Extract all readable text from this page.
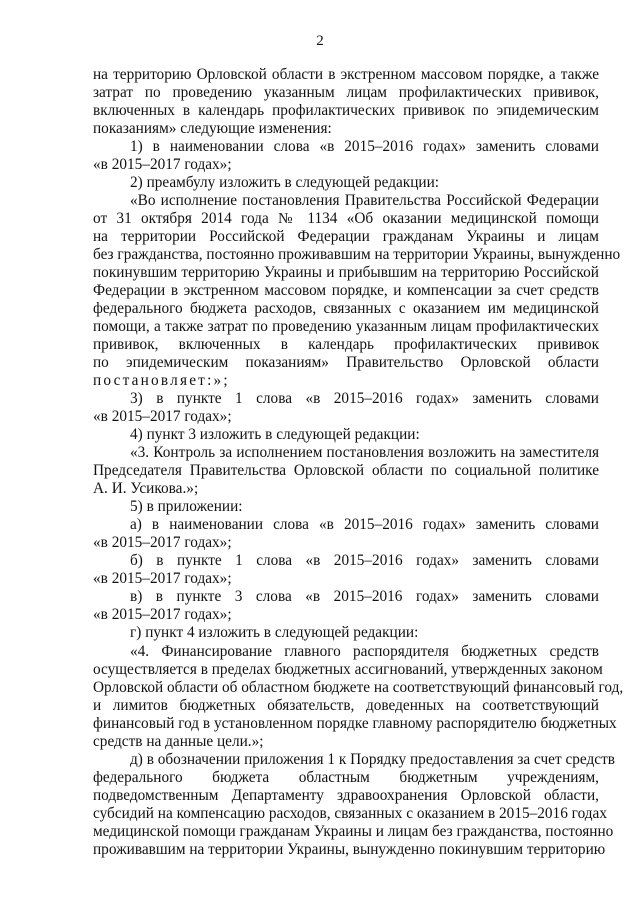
2
на территорию Орловской области в экстренном массовом порядке, а также
затрат по проведению указанным лицам профилактических прививок,
включенных в календарь профилактических прививок по эпидемическим
показаниям» следующие изменения:
1) в наименовании слова «в 2015–2016 годах» заменить словами
«в 2015–2017 годах»;
2) преамбулу изложить в следующей редакции:
«Во исполнение постановления Правительства Российской Федерации
от 31 октября 2014 года № 1134 «Об оказании медицинской помощи
на территории Российской Федерации гражданам Украины и лицам
без гражданства, постоянно проживавшим на территории Украины, вынужденно
покинувшим территорию Украины и прибывшим на территорию Российской
Федерации в экстренном массовом порядке, и компенсации за счет средств
федерального бюджета расходов, связанных с оказанием им медицинской
помощи, а также затрат по проведению указанным лицам профилактических
прививок, включенных в календарь профилактических прививок
по эпидемическим показаниям» Правительство Орловской области
постановляет:»;
3) в пункте 1 слова «в 2015–2016 годах» заменить словами
«в 2015–2017 годах»;
4) пункт 3 изложить в следующей редакции:
«3. Контроль за исполнением постановления возложить на заместителя
Председателя Правительства Орловской области по социальной политике
А. И. Усикова.»;
5) в приложении:
а) в наименовании слова «в 2015–2016 годах» заменить словами
«в 2015–2017 годах»;
б) в пункте 1 слова «в 2015–2016 годах» заменить словами
«в 2015–2017 годах»;
в) в пункте 3 слова «в 2015–2016 годах» заменить словами
«в 2015–2017 годах»;
г) пункт 4 изложить в следующей редакции:
«4. Финансирование главного распорядителя бюджетных средств
осуществляется в пределах бюджетных ассигнований, утвержденных законом
Орловской области об областном бюджете на соответствующий финансовый год,
и лимитов бюджетных обязательств, доведенных на соответствующий
финансовый год в установленном порядке главному распорядителю бюджетных
средств на данные цели.»;
д) в обозначении приложения 1 к Порядку предоставления за счет средств
федерального бюджета областным бюджетным учреждениям,
подведомственным Департаменту здравоохранения Орловской области,
субсидий на компенсацию расходов, связанных с оказанием в 2015–2016 годах
медицинской помощи гражданам Украины и лицам без гражданства, постоянно
проживавшим на территории Украины, вынужденно покинувшим территорию
